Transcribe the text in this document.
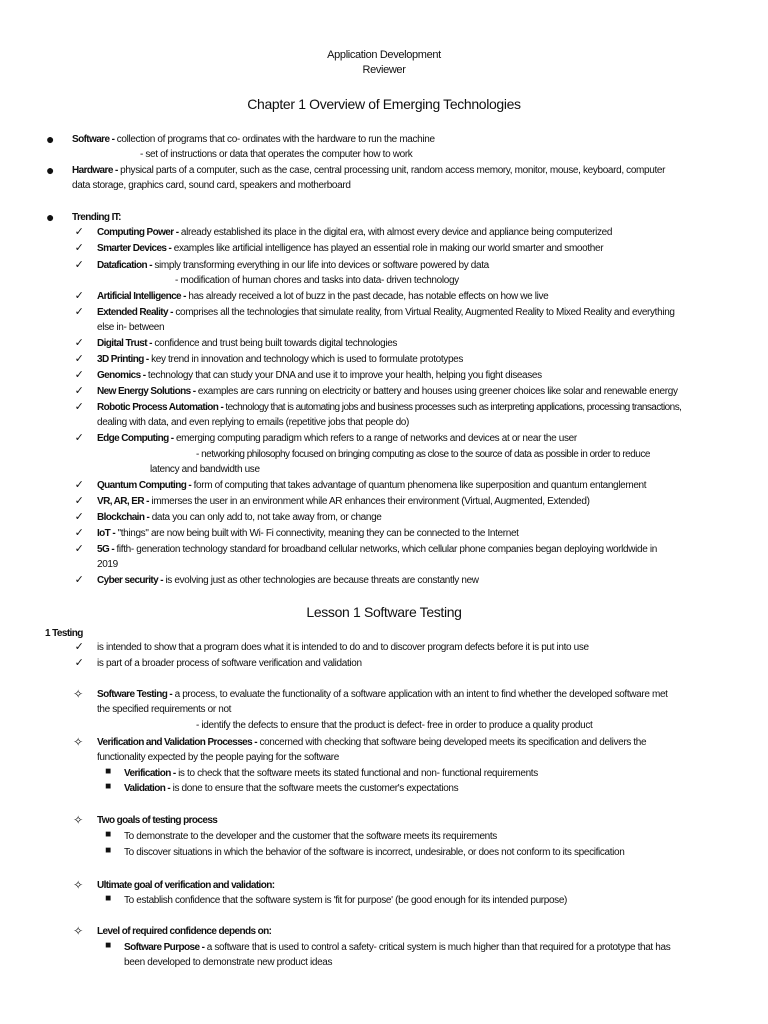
Application Development
Reviewer
Chapter 1 Overview of Emerging Technologies
● Software - collection of programs that co- ordinates with the hardware to run the machine
- set of instructions or data that operates the computer how to work
● Hardware - physical parts of a computer, such as the case, central processing unit, random access memory, monitor, mouse, keyboard, computer
data storage, graphics card, sound card, speakers and motherboard
● Trending IT:
✓ Computing Power - already established its place in the digital era, with almost every device and appliance being computerized
✓ Smarter Devices - examples like artificial intelligence has played an essential role in making our world smarter and smoother
✓ Datafication - simply transforming everything in our life into devices or software powered by data
- modification of human chores and tasks into data- driven technology
✓ Artificial Intelligence - has already received a lot of buzz in the past decade, has notable effects on how we live
✓ Extended Reality - comprises all the technologies that simulate reality, from Virtual Reality, Augmented Reality to Mixed Reality and everything
else in- between
✓ Digital Trust - confidence and trust being built towards digital technologies
✓ 3D Printing - key trend in innovation and technology which is used to formulate prototypes
✓ Genomics - technology that can study your DNA and use it to improve your health, helping you fight diseases
✓ New Energy Solutions - examples are cars running on electricity or battery and houses using greener choices like solar and renewable energy
✓ Robotic Process Automation - technology that is automating jobs and business processes such as interpreting applications, processing transactions,
dealing with data, and even replying to emails (repetitive jobs that people do)
✓ Edge Computing - emerging computing paradigm which refers to a range of networks and devices at or near the user
- networking philosophy focused on bringing computing as close to the source of data as possible in order to reduce
latency and bandwidth use
✓ Quantum Computing - form of computing that takes advantage of quantum phenomena like superposition and quantum entanglement
✓ VR, AR, ER - immerses the user in an environment while AR enhances their environment (Virtual, Augmented, Extended)
✓ Blockchain - data you can only add to, not take away from, or change
✓ IoT - "things" are now being built with Wi- Fi connectivity, meaning they can be connected to the Internet
✓ 5G - fifth- generation technology standard for broadband cellular networks, which cellular phone companies began deploying worldwide in
2019
✓ Cyber security - is evolving just as other technologies are because threats are constantly new
Lesson 1 Software Testing
1 Testing
✓ is intended to show that a program does what it is intended to do and to discover program defects before it is put into use
✓ is part of a broader process of software verification and validation
✧ Software Testing - a process, to evaluate the functionality of a software application with an intent to find whether the developed software met
the specified requirements or not
- identify the defects to ensure that the product is defect- free in order to produce a quality product
✧ Verification and Validation Processes - concerned with checking that software being developed meets its specification and delivers the
functionality expected by the people paying for the software
■	Verification - is to check that the software meets its stated functional and non- functional requirements
■	Validation - is done to ensure that the software meets the customer's expectations
✧ Two goals of testing process
■	To demonstrate to the developer and the customer that the software meets its requirements
■	To discover situations in which the behavior of the software is incorrect, undesirable, or does not conform to its specification
✧ Ultimate goal of verification and validation:
■	To establish confidence that the software system is 'fit for purpose' (be good enough for its intended purpose)
✧ Level of required confidence depends on:
■	Software Purpose - a software that is used to control a safety- critical system is much higher than that required for a prototype that has
been developed to demonstrate new product ideas
